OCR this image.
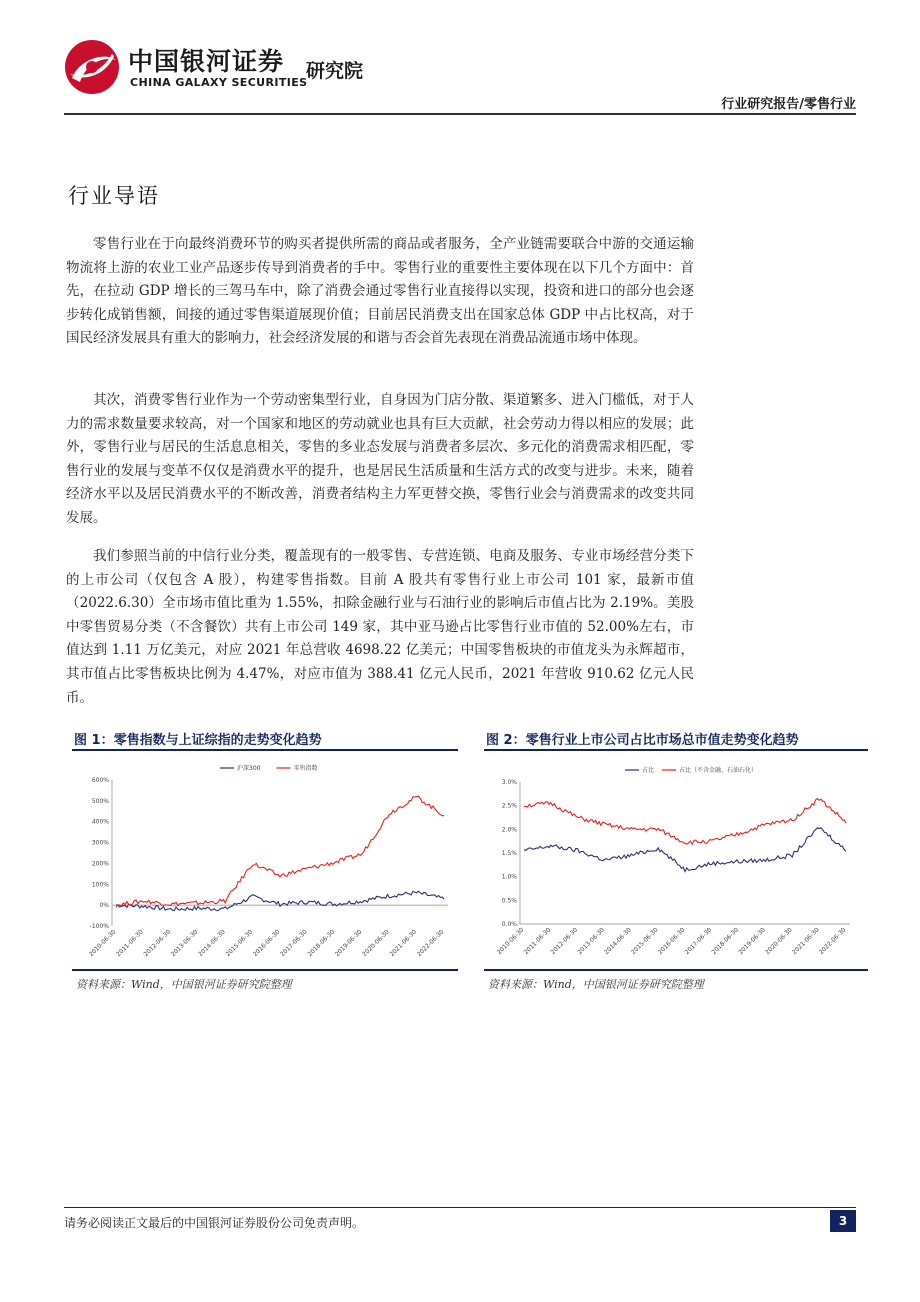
中国银河证券
CHINA GALAXY SECURITIES
研究院
行业研究报告/零售行业
行业导语
零售行业在于向最终消费环节的购买者提供所需的商品或者服务，全产业链需要联合中游的交通运输物流将上游的农业工业产品逐步传导到消费者的手中。零售行业的重要性主要体现在以下几个方面中：首先，在拉动 GDP 增长的三驾马车中，除了消费会通过零售行业直接得以实现，投资和进口的部分也会逐步转化成销售额，间接的通过零售渠道展现价值；目前居民消费支出在国家总体 GDP 中占比权高，对于国民经济发展具有重大的影响力，社会经济发展的和谐与否会首先表现在消费品流通市场中体现。
其次，消费零售行业作为一个劳动密集型行业，自身因为门店分散、渠道繁多、进入门槛低，对于人力的需求数量要求较高，对一个国家和地区的劳动就业也具有巨大贡献，社会劳动力得以相应的发展；此外，零售行业与居民的生活息息相关，零售的多业态发展与消费者多层次、多元化的消费需求相匹配，零售行业的发展与变革不仅仅是消费水平的提升，也是居民生活质量和生活方式的改变与进步。未来，随着经济水平以及居民消费水平的不断改善，消费者结构主力军更替交换，零售行业会与消费需求的改变共同发展。
我们参照当前的中信行业分类，覆盖现有的一般零售、专营连锁、电商及服务、专业市场经营分类下的上市公司（仅包含 A 股），构建零售指数。目前 A 股共有零售行业上市公司 101 家，最新市值（2022.6.30）全市场市值比重为 1.55%，扣除金融行业与石油行业的影响后市值占比为 2.19%。美股中零售贸易分类（不含餐饮）共有上市公司 149 家，其中亚马逊占比零售行业市值的 52.00%左右，市值达到 1.11 万亿美元，对应 2021 年总营收 4698.22 亿美元；中国零售板块的市值龙头为永辉超市，其市值占比零售板块比例为 4.47%，对应市值为 388.41 亿元人民币，2021 年营收 910.62 亿元人民币。
图 1：零售指数与上证综指的走势变化趋势
600%
500%
400%
300%
200%
100%
0%
-100%
2010-06-30
2011-06-30
2012-06-30
2013-06-30
2014-06-30
2015-06-30
2016-06-30
2017-06-30
2018-06-30
2019-06-30
2020-06-30
2021-06-30
2022-06-30
沪深300	零售指数
资料来源：Wind，中国银河证券研究院整理
图 2：零售行业上市公司占比市场总市值走势变化趋势
3.0%
2.5%
2.0%
1.5%
1.0%
0.5%
0.0%
2010-06-30
2011-06-30
2012-06-30
2013-06-30
2014-06-30
2015-06-30
2016-06-30
2017-06-30
2018-06-30
2019-06-30
2020-06-30
2021-06-30
2022-06-30
占比	占比（不含金融、石油石化）
资料来源：Wind，中国银河证券研究院整理
请务必阅读正文最后的中国银河证券股份公司免责声明。	3
